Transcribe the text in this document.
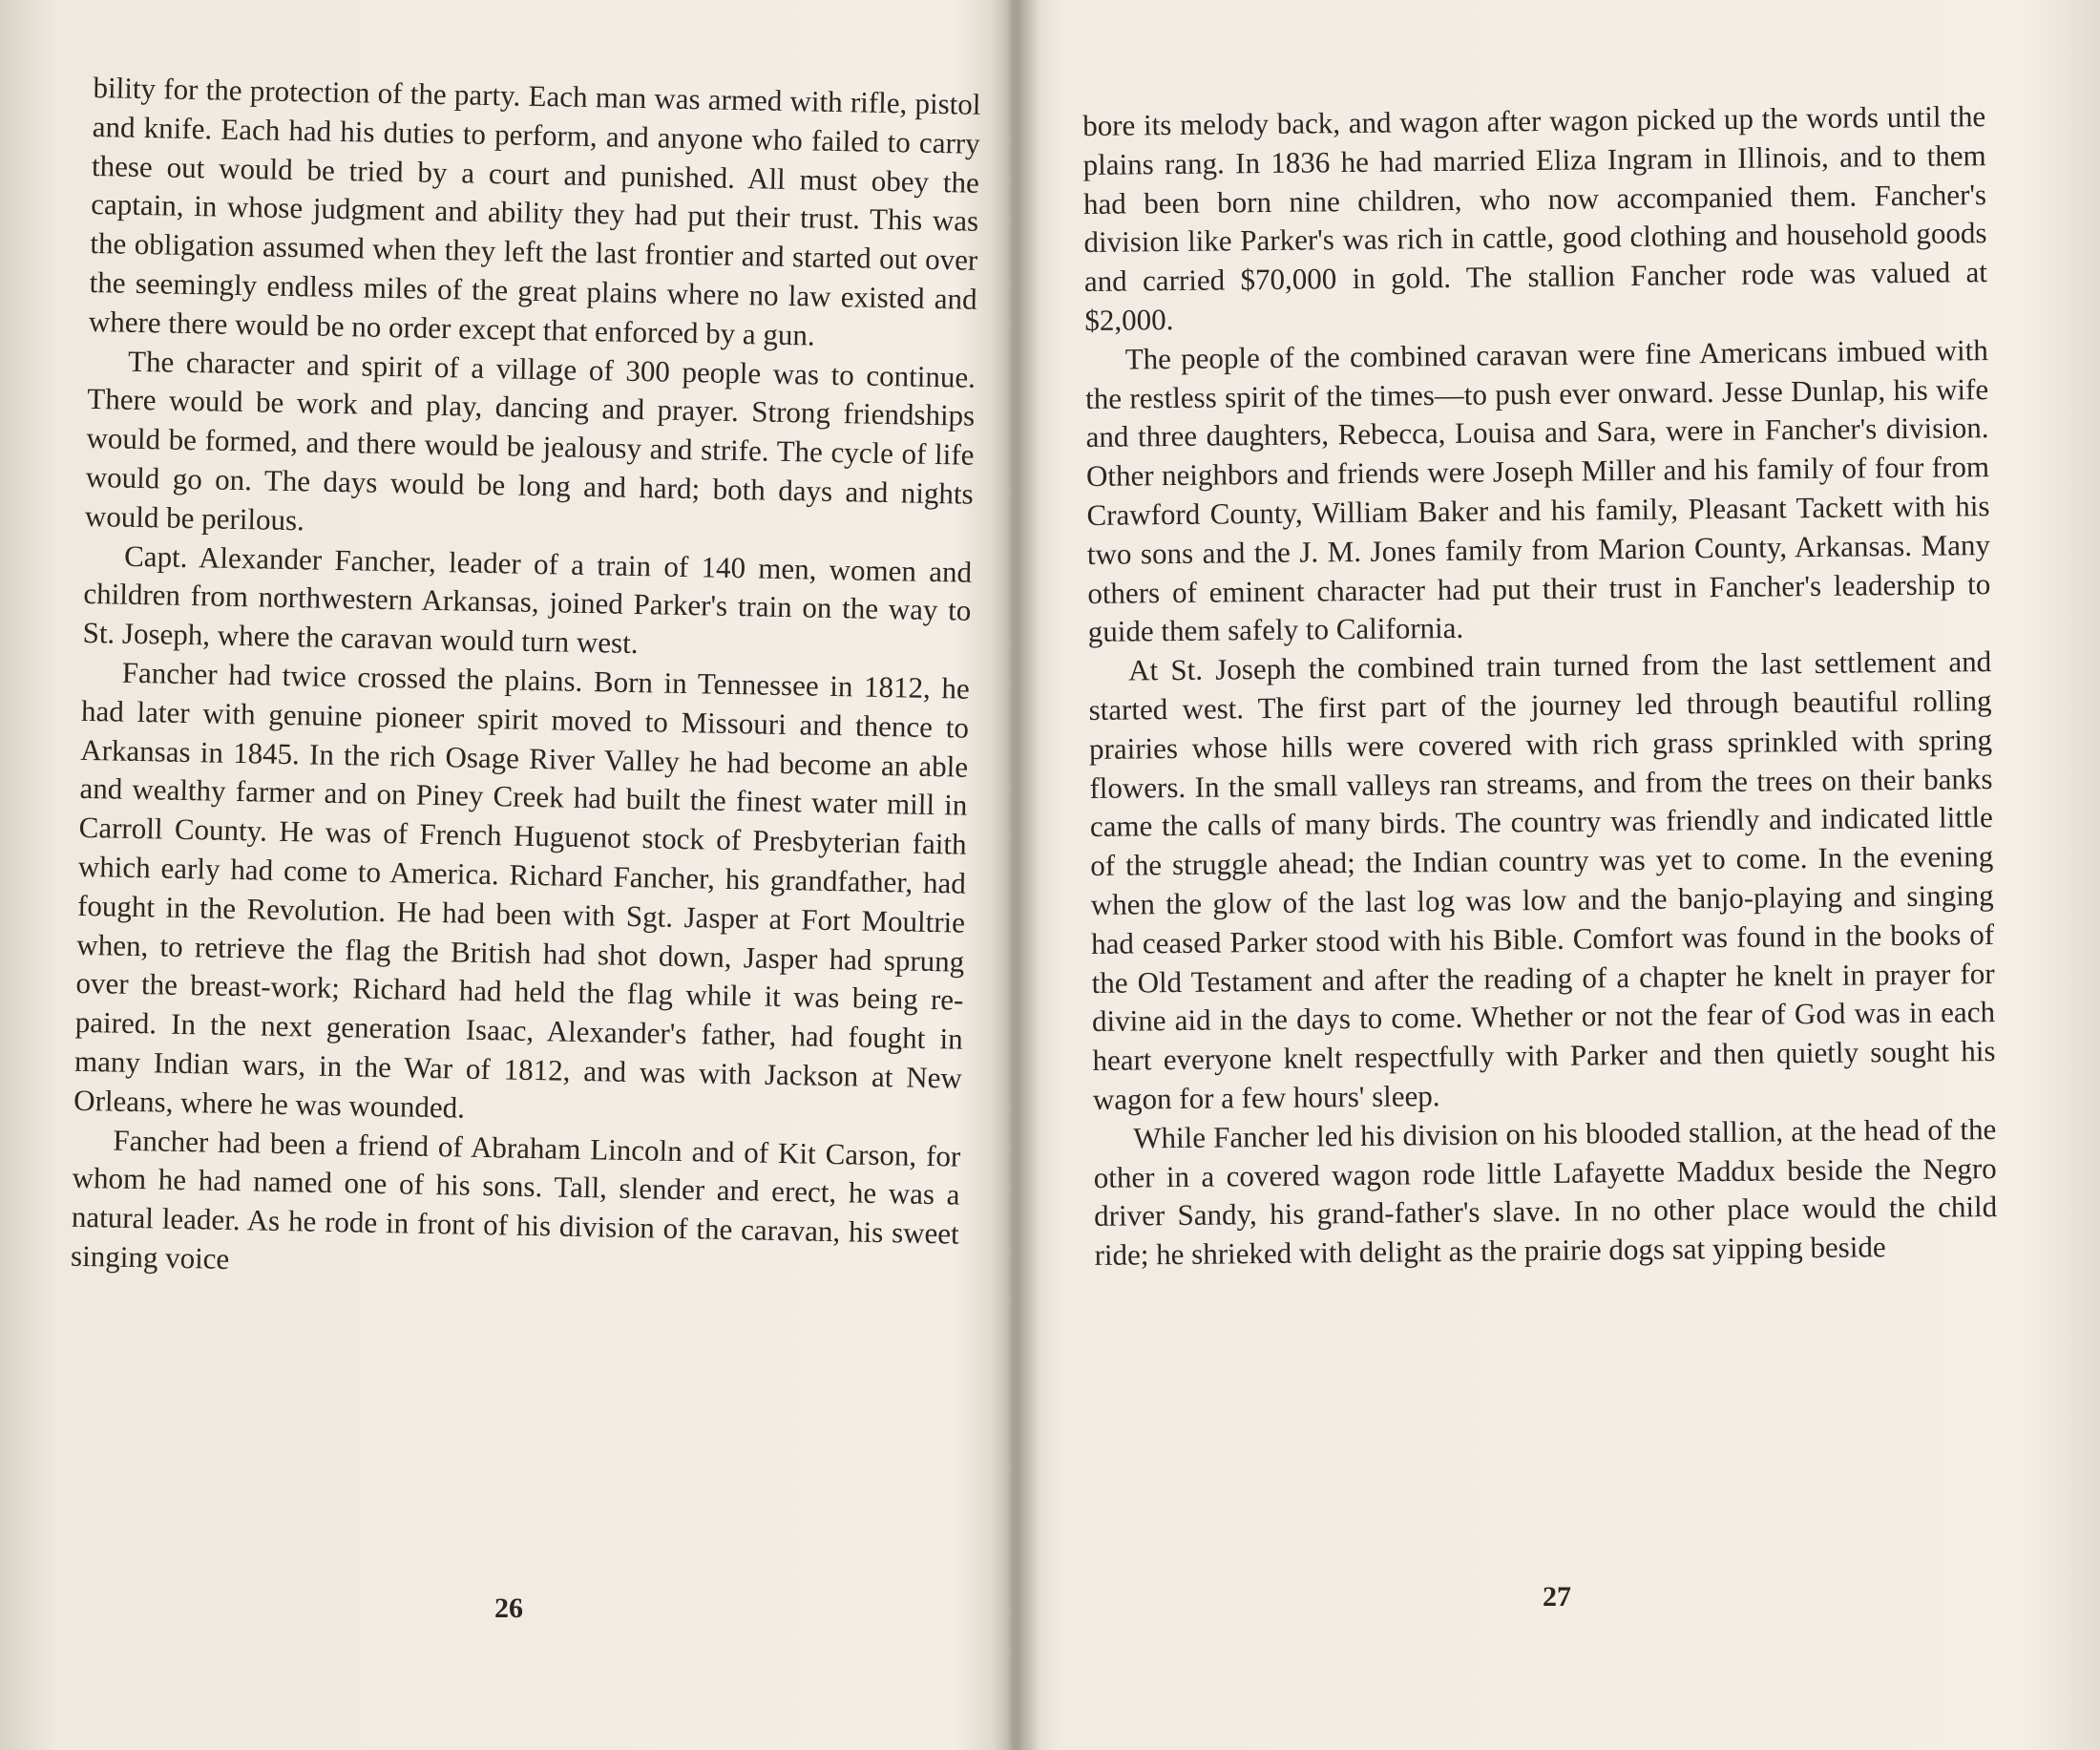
bility for the protection of the party. Each man was armed with rifle, pistol and knife. Each had his duties to perform, and anyone who failed to carry these out would be tried by a court and punished. All must obey the captain, in whose judgment and ability they had put their trust. This was the obligation assumed when they left the last frontier and started out over the seemingly endless miles of the great plains where no law existed and where there would be no order except that enforced by a gun.

The character and spirit of a village of 300 people was to continue. There would be work and play, dancing and prayer. Strong friendships would be formed, and there would be jealousy and strife. The cycle of life would go on. The days would be long and hard; both days and nights would be perilous.

Capt. Alexander Fancher, leader of a train of 140 men, women and children from northwestern Arkansas, joined Parker's train on the way to St. Joseph, where the caravan would turn west.

Fancher had twice crossed the plains. Born in Tennessee in 1812, he had later with genuine pioneer spirit moved to Missouri and thence to Arkansas in 1845. In the rich Osage River Valley he had become an able and wealthy farmer and on Piney Creek had built the finest water mill in Carroll County. He was of French Huguenot stock of Presbyterian faith which early had come to America. Richard Fancher, his grandfather, had fought in the Revolution. He had been with Sgt. Jasper at Fort Moultrie when, to retrieve the flag the British had shot down, Jasper had sprung over the breast-work; Richard had held the flag while it was being re-paired. In the next generation Isaac, Alexander's father, had fought in many Indian wars, in the War of 1812, and was with Jackson at New Orleans, where he was wounded.

Fancher had been a friend of Abraham Lincoln and of Kit Carson, for whom he had named one of his sons. Tall, slender and erect, he was a natural leader. As he rode in front of his division of the caravan, his sweet singing voice

26

bore its melody back, and wagon after wagon picked up the words until the plains rang. In 1836 he had married Eliza Ingram in Illinois, and to them had been born nine children, who now accompanied them. Fancher's division like Parker's was rich in cattle, good clothing and household goods and carried $70,000 in gold. The stallion Fancher rode was valued at $2,000.

The people of the combined caravan were fine Americans imbued with the restless spirit of the times—to push ever onward. Jesse Dunlap, his wife and three daughters, Rebecca, Louisa and Sara, were in Fancher's division. Other neighbors and friends were Joseph Miller and his family of four from Crawford County, William Baker and his family, Pleasant Tackett with his two sons and the J. M. Jones family from Marion County, Arkansas. Many others of eminent character had put their trust in Fancher's leadership to guide them safely to California.

At St. Joseph the combined train turned from the last settlement and started west. The first part of the journey led through beautiful rolling prairies whose hills were covered with rich grass sprinkled with spring flowers. In the small valleys ran streams, and from the trees on their banks came the calls of many birds. The country was friendly and indicated little of the struggle ahead; the Indian country was yet to come. In the evening when the glow of the last log was low and the banjo-playing and singing had ceased Parker stood with his Bible. Comfort was found in the books of the Old Testament and after the reading of a chapter he knelt in prayer for divine aid in the days to come. Whether or not the fear of God was in each heart everyone knelt respectfully with Parker and then quietly sought his wagon for a few hours' sleep.

While Fancher led his division on his blooded stallion, at the head of the other in a covered wagon rode little Lafayette Maddux beside the Negro driver Sandy, his grand-father's slave. In no other place would the child ride; he shrieked with delight as the prairie dogs sat yipping beside

27
